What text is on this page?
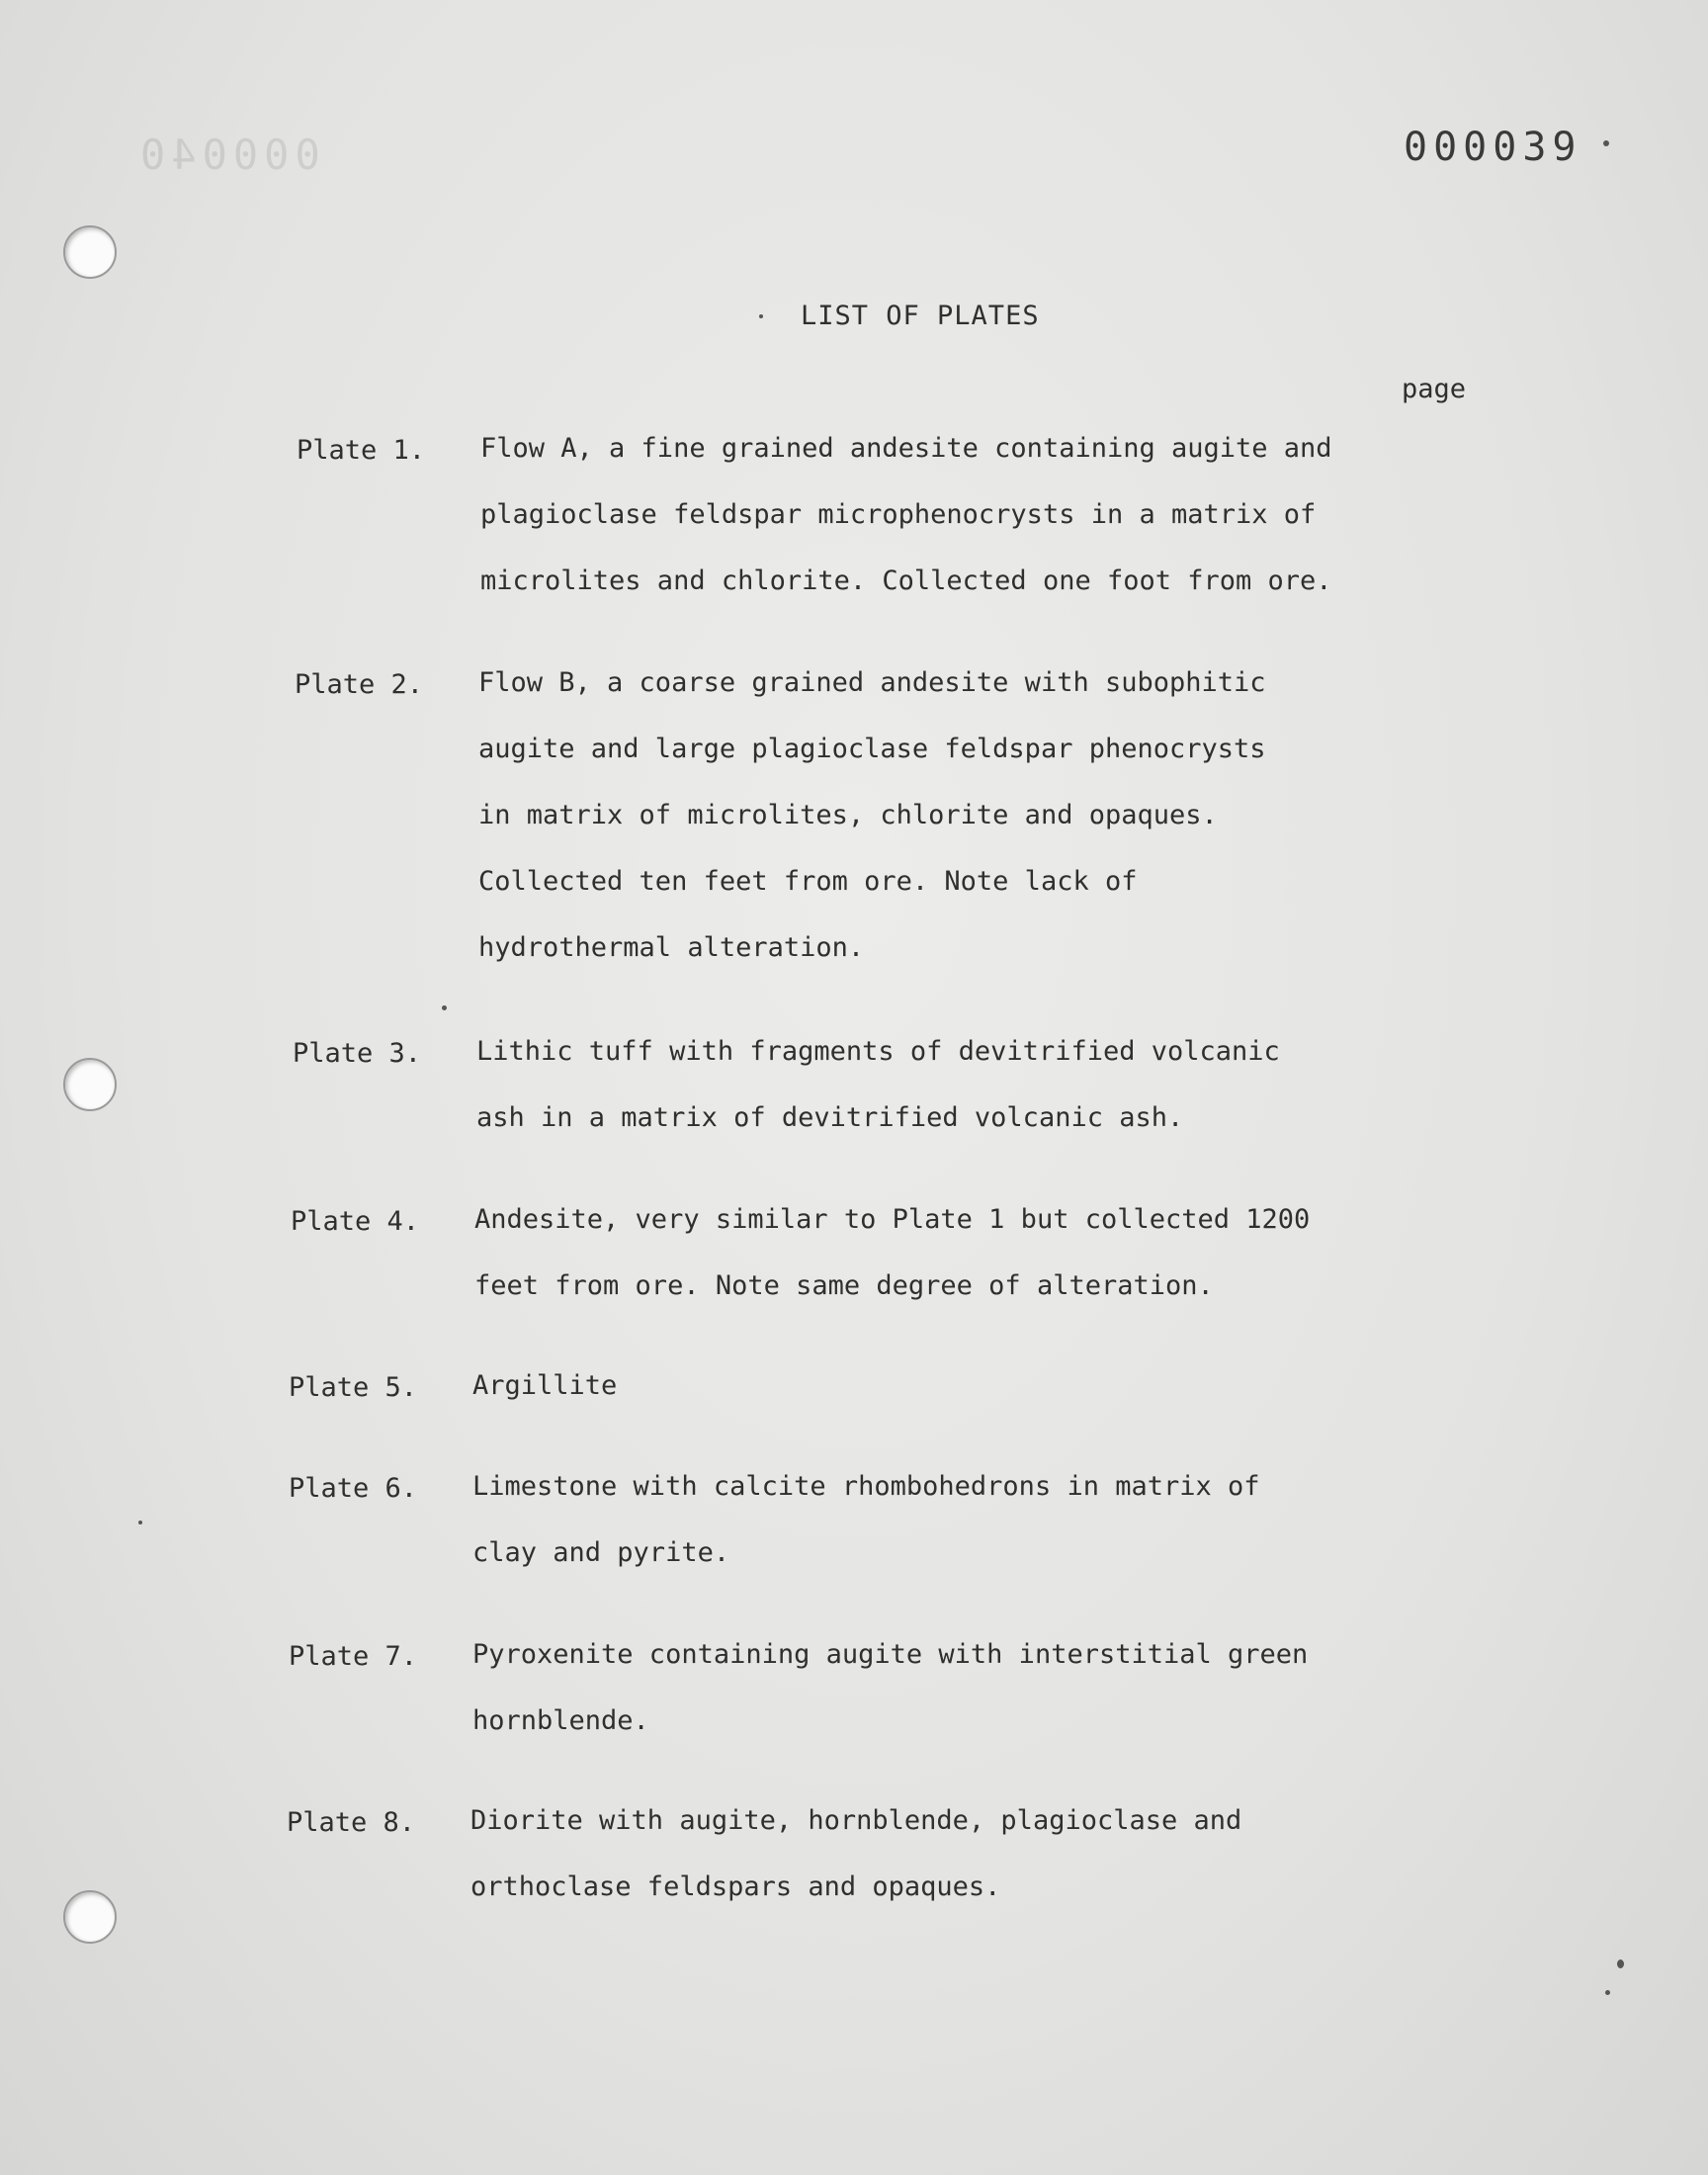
000040	000039
LIST OF PLATES
page
Plate 1. Flow A, a fine grained andesite containing augite and
plagioclase feldspar microphenocrysts in a matrix of
microlites and chlorite. Collected one foot from ore.
Plate 2. Flow B, a coarse grained andesite with subophitic
augite and large plagioclase feldspar phenocrysts
in matrix of microlites, chlorite and opaques.
Collected ten feet from ore. Note lack of
hydrothermal alteration.
Plate 3. Lithic tuff with fragments of devitrified volcanic
ash in a matrix of devitrified volcanic ash.
Plate 4. Andesite, very similar to Plate 1 but collected 1200
feet from ore. Note same degree of alteration.
Plate 5. Argillite
Plate 6. Limestone with calcite rhombohedrons in matrix of
clay and pyrite.
Plate 7. Pyroxenite containing augite with interstitial green
hornblende.
Plate 8. Diorite with augite, hornblende, plagioclase and
orthoclase feldspars and opaques.
